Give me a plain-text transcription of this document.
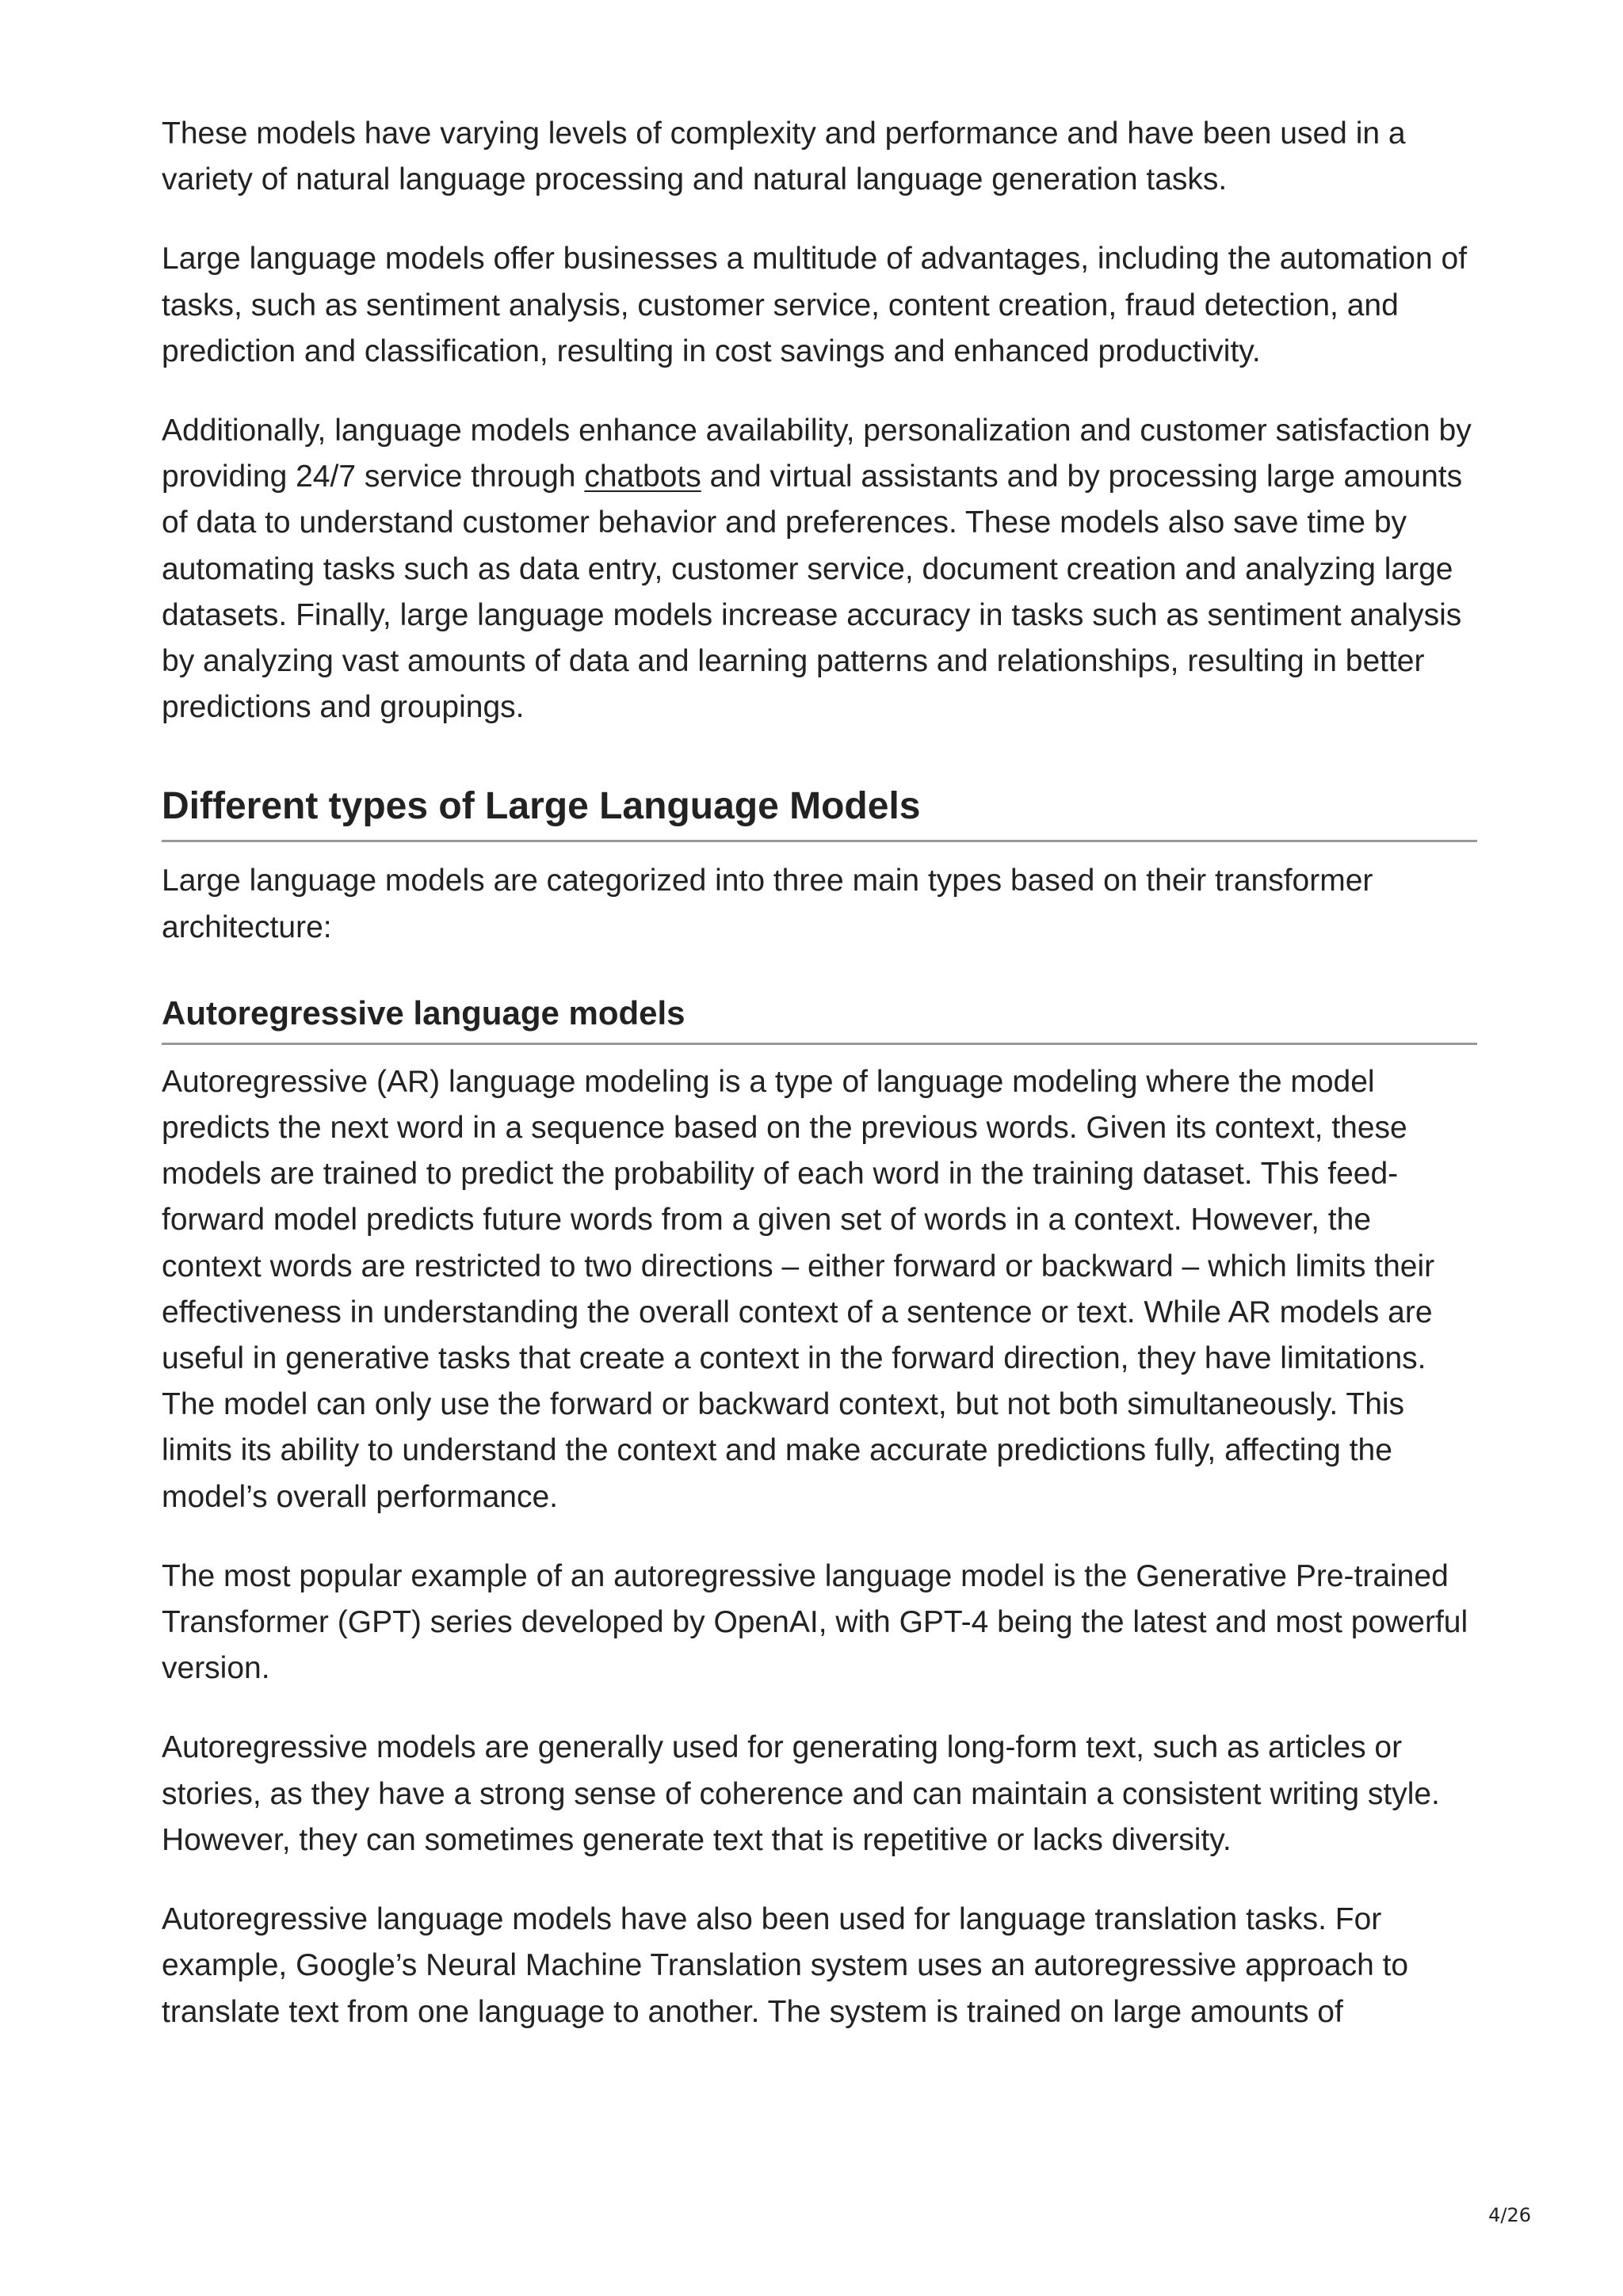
These models have varying levels of complexity and performance and have been used in a variety of natural language processing and natural language generation tasks.

Large language models offer businesses a multitude of advantages, including the automation of tasks, such as sentiment analysis, customer service, content creation, fraud detection, and prediction and classification, resulting in cost savings and enhanced productivity.

Additionally, language models enhance availability, personalization and customer satisfaction by providing 24/7 service through chatbots and virtual assistants and by processing large amounts of data to understand customer behavior and preferences. These models also save time by automating tasks such as data entry, customer service, document creation and analyzing large datasets. Finally, large language models increase accuracy in tasks such as sentiment analysis by analyzing vast amounts of data and learning patterns and relationships, resulting in better predictions and groupings.

Different types of Large Language Models

Large language models are categorized into three main types based on their transformer architecture:

Autoregressive language models

Autoregressive (AR) language modeling is a type of language modeling where the model predicts the next word in a sequence based on the previous words. Given its context, these models are trained to predict the probability of each word in the training dataset. This feed-forward model predicts future words from a given set of words in a context. However, the context words are restricted to two directions – either forward or backward – which limits their effectiveness in understanding the overall context of a sentence or text. While AR models are useful in generative tasks that create a context in the forward direction, they have limitations. The model can only use the forward or backward context, but not both simultaneously. This limits its ability to understand the context and make accurate predictions fully, affecting the model’s overall performance.

The most popular example of an autoregressive language model is the Generative Pre-trained Transformer (GPT) series developed by OpenAI, with GPT-4 being the latest and most powerful version.

Autoregressive models are generally used for generating long-form text, such as articles or stories, as they have a strong sense of coherence and can maintain a consistent writing style. However, they can sometimes generate text that is repetitive or lacks diversity.

Autoregressive language models have also been used for language translation tasks. For example, Google’s Neural Machine Translation system uses an autoregressive approach to translate text from one language to another. The system is trained on large amounts of

4/26
